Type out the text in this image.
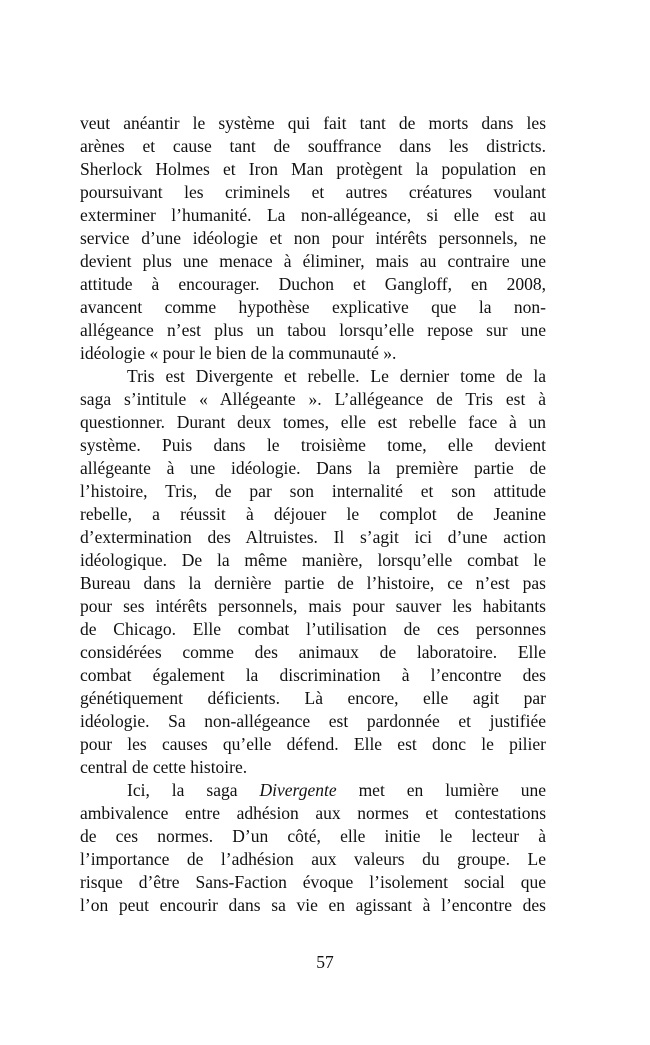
veut anéantir le système qui fait tant de morts dans les
arènes et cause tant de souffrance dans les districts.
Sherlock Holmes et Iron Man protègent la population en
poursuivant les criminels et autres créatures voulant
exterminer l’humanité. La non-allégeance, si elle est au
service d’une idéologie et non pour intérêts personnels, ne
devient plus une menace à éliminer, mais au contraire une
attitude à encourager. Duchon et Gangloff, en 2008,
avancent comme hypothèse explicative que la non-
allégeance n’est plus un tabou lorsqu’elle repose sur une
idéologie « pour le bien de la communauté ».
Tris est Divergente et rebelle. Le dernier tome de la
saga s’intitule « Allégeante ». L’allégeance de Tris est à
questionner. Durant deux tomes, elle est rebelle face à un
système. Puis dans le troisième tome, elle devient
allégeante à une idéologie. Dans la première partie de
l’histoire, Tris, de par son internalité et son attitude
rebelle, a réussit à déjouer le complot de Jeanine
d’extermination des Altruistes. Il s’agit ici d’une action
idéologique. De la même manière, lorsqu’elle combat le
Bureau dans la dernière partie de l’histoire, ce n’est pas
pour ses intérêts personnels, mais pour sauver les habitants
de Chicago. Elle combat l’utilisation de ces personnes
considérées comme des animaux de laboratoire. Elle
combat également la discrimination à l’encontre des
génétiquement déficients. Là encore, elle agit par
idéologie. Sa non-allégeance est pardonnée et justifiée
pour les causes qu’elle défend. Elle est donc le pilier
central de cette histoire.
Ici, la saga Divergente met en lumière une
ambivalence entre adhésion aux normes et contestations
de ces normes. D’un côté, elle initie le lecteur à
l’importance de l’adhésion aux valeurs du groupe. Le
risque d’être Sans-Faction évoque l’isolement social que
l’on peut encourir dans sa vie en agissant à l’encontre des
57
